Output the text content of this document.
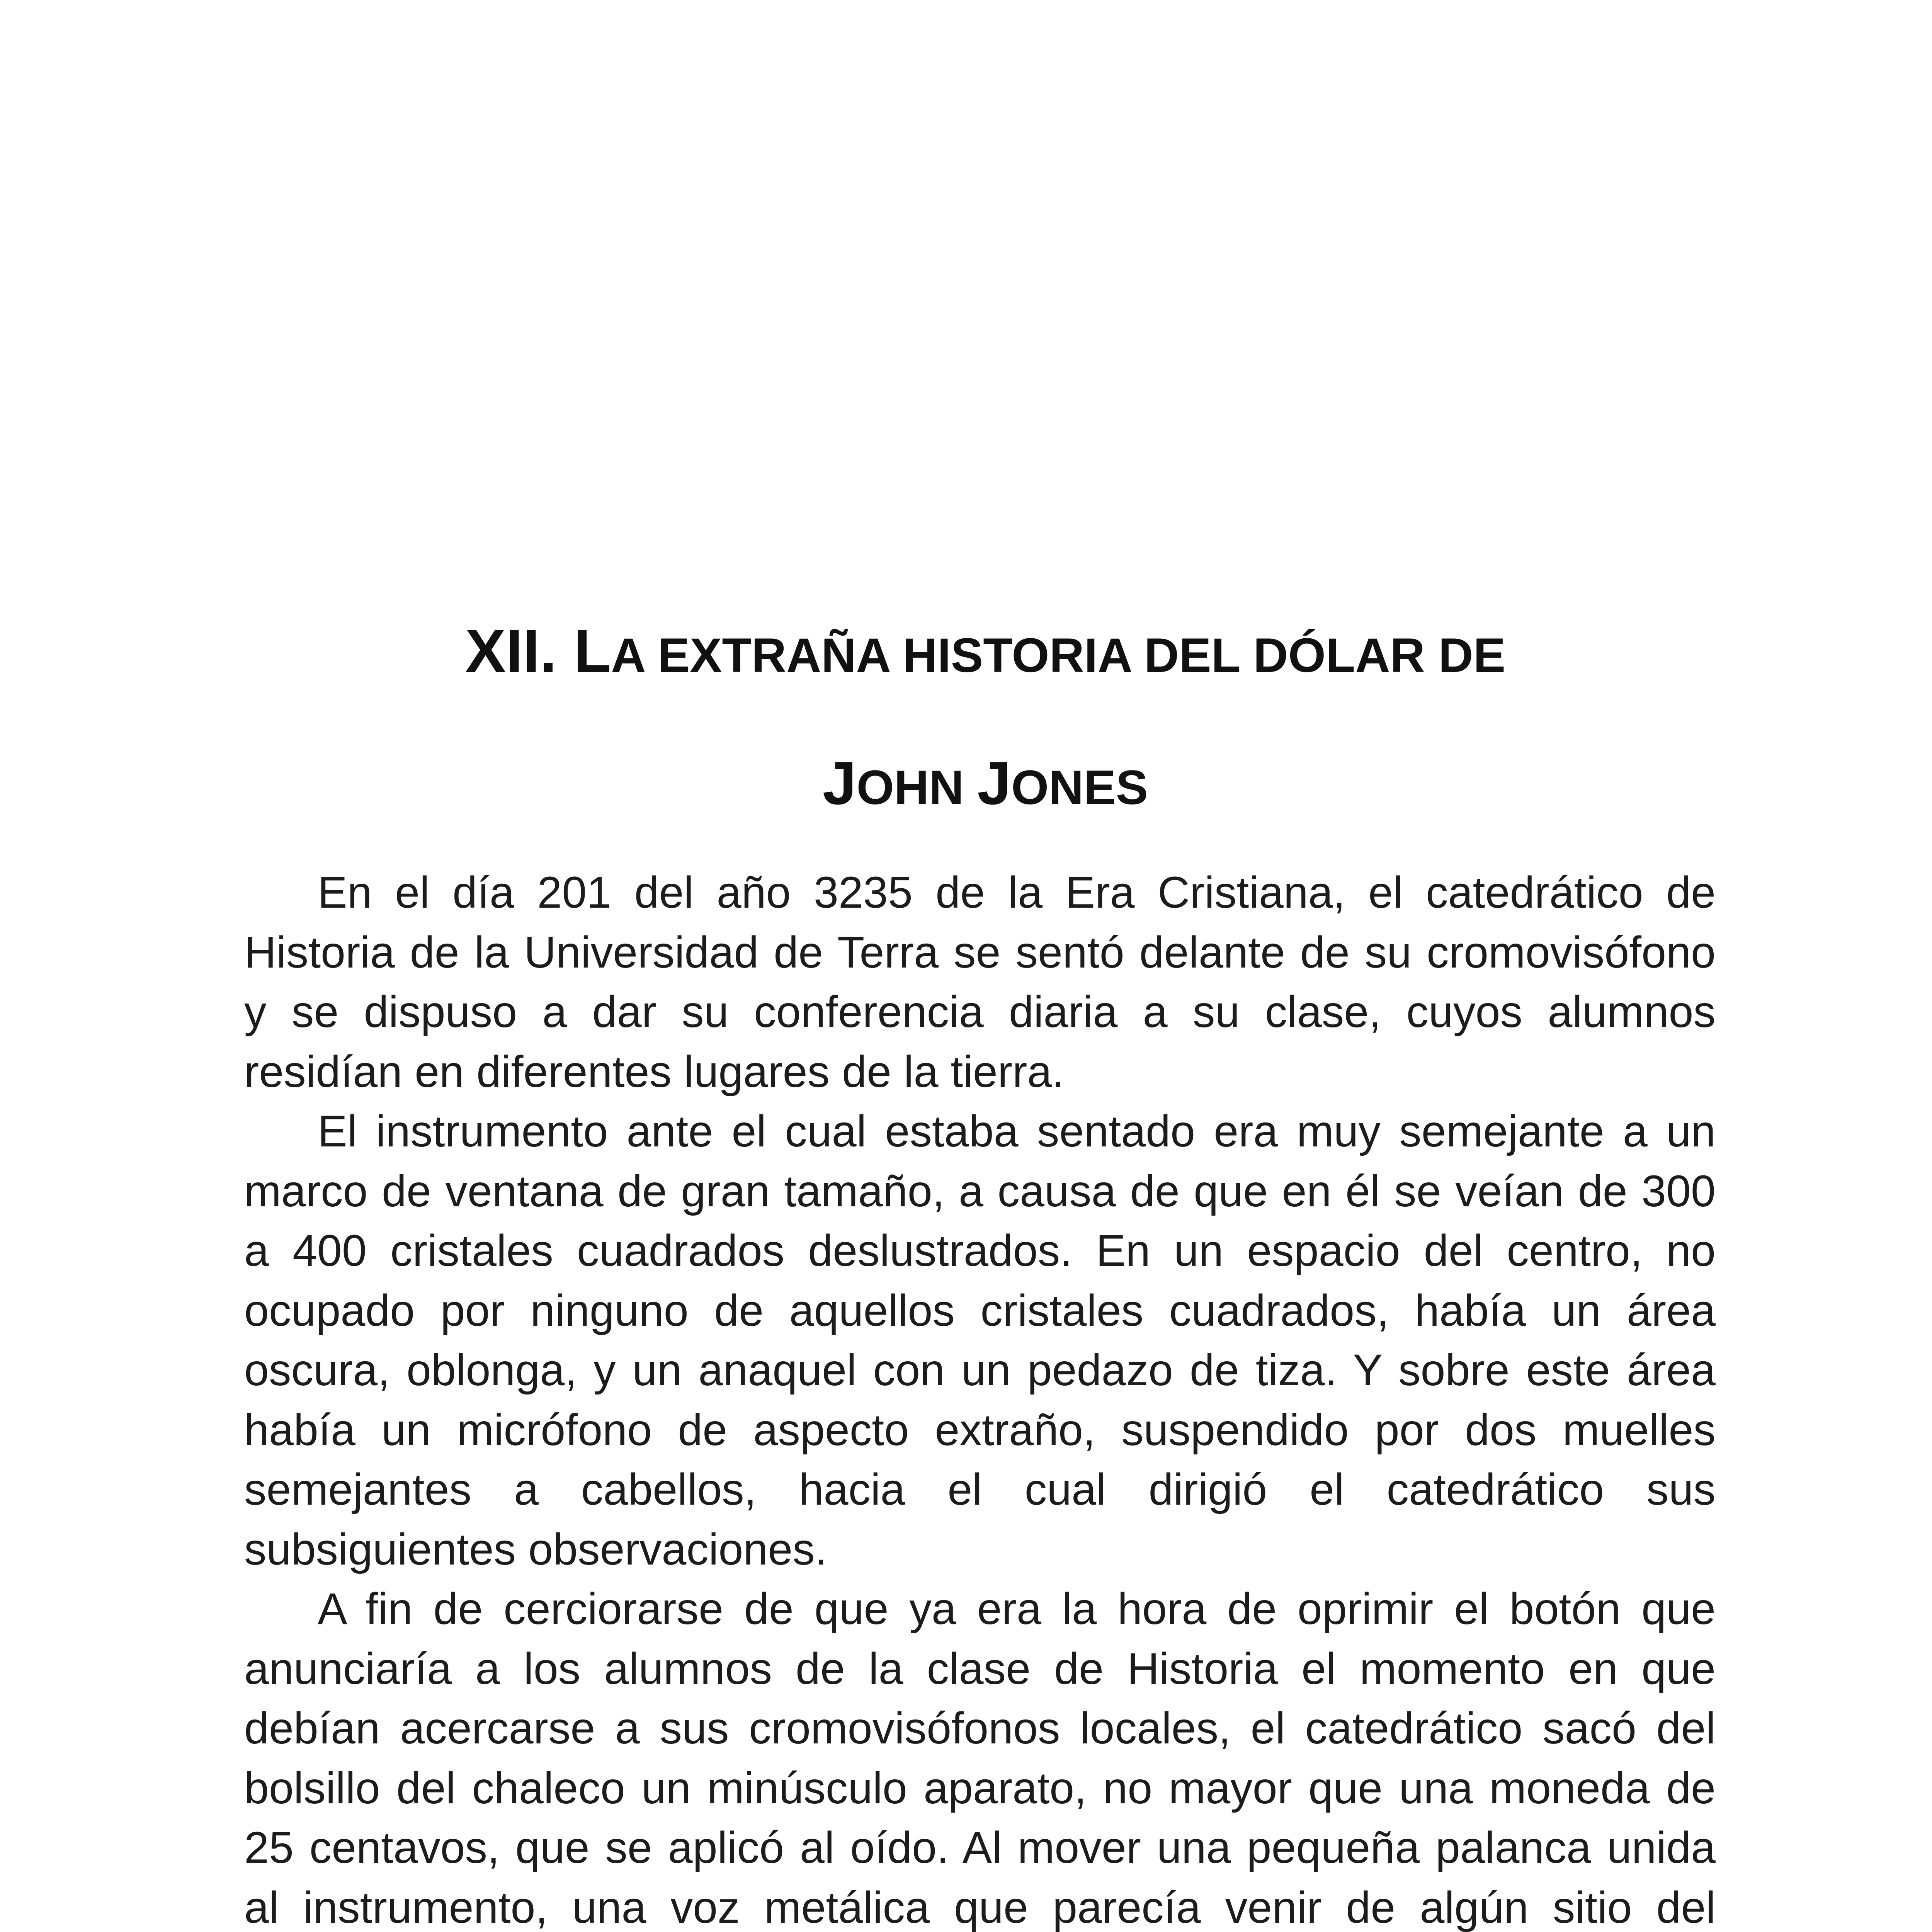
XII. LA EXTRAÑA HISTORIA DEL DÓLAR DE
JOHN JONES

En el día 201 del año 3235 de la Era Cristiana, el catedrático de Historia de la Universidad de Terra se sentó delante de su cromovisófono y se dispuso a dar su conferencia diaria a su clase, cuyos alumnos residían en diferentes lugares de la tierra.

El instrumento ante el cual estaba sentado era muy semejante a un marco de ventana de gran tamaño, a causa de que en él se veían de 300 a 400 cristales cuadrados deslustrados. En un espacio del centro, no ocupado por ninguno de aquellos cristales cuadrados, había un área oscura, oblonga, y un anaquel con un pedazo de tiza. Y sobre este área había un micrófono de aspecto extraño, suspendido por dos muelles semejantes a cabellos, hacia el cual dirigió el catedrático sus subsiguientes observaciones.

A fin de cerciorarse de que ya era la hora de oprimir el botón que anunciaría a los alumnos de la clase de Historia el momento en que debían acercarse a sus cromovisófonos locales, el catedrático sacó del bolsillo del chaleco un minúsculo aparato, no mayor que una moneda de 25 centavos, que se aplicó al oído. Al mover una pequeña palanca unida al instrumento, una voz metálica que parecía venir de algún sitio del
